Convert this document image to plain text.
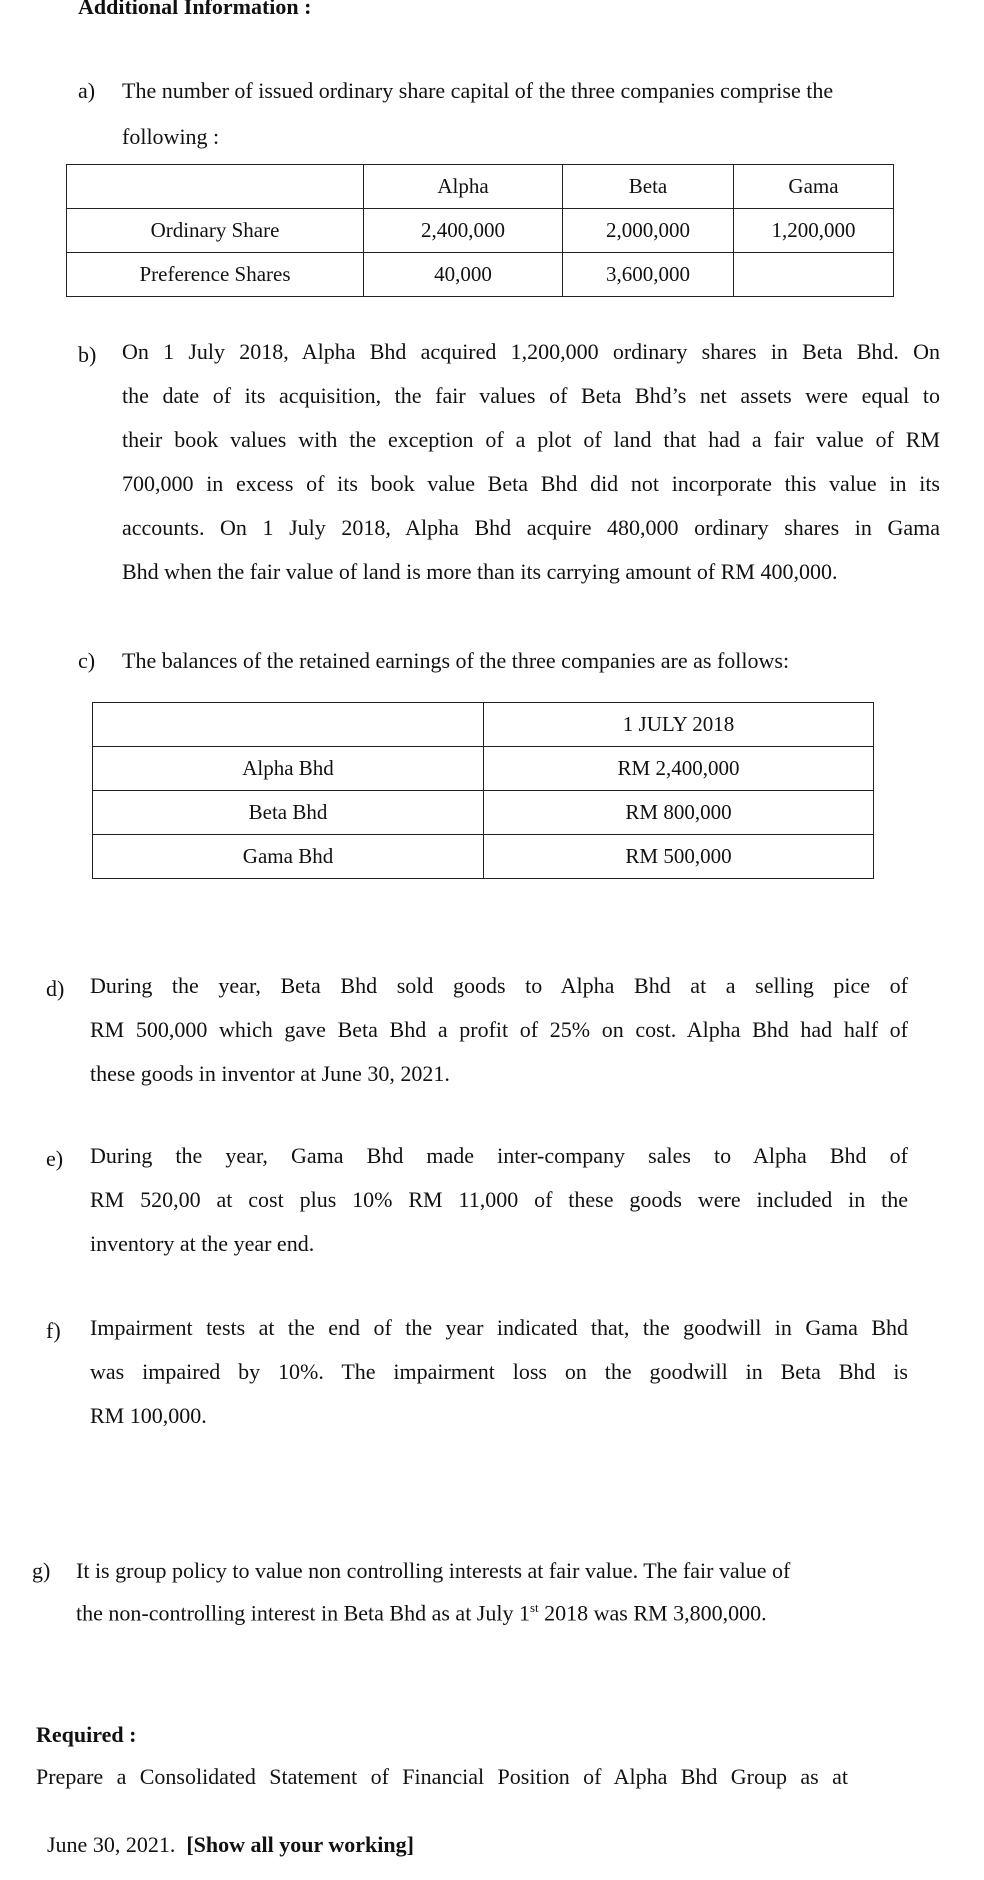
Additional Information :
a) The number of issued ordinary share capital of the three companies comprise the
following :
	Alpha	Beta	Gama
Ordinary Share	2,400,000	2,000,000	1,200,000
Preference Shares	40,000	3,600,000	
b) On 1 July 2018, Alpha Bhd acquired 1,200,000 ordinary shares in Beta Bhd. On
the date of its acquisition, the fair values of Beta Bhd’s net assets were equal to
their book values with the exception of a plot of land that had a fair value of RM
700,000 in excess of its book value Beta Bhd did not incorporate this value in its
accounts. On 1 July 2018, Alpha Bhd acquire 480,000 ordinary shares in Gama
Bhd when the fair value of land is more than its carrying amount of RM 400,000.
c) The balances of the retained earnings of the three companies are as follows:
	1 JULY 2018
Alpha Bhd	RM 2,400,000
Beta Bhd	RM 800,000
Gama Bhd	RM 500,000
d) During the year, Beta Bhd sold goods to Alpha Bhd at a selling pice of
RM 500,000 which gave Beta Bhd a profit of 25% on cost. Alpha Bhd had half of
these goods in inventor at June 30, 2021.
e) During the year, Gama Bhd made inter-company sales to Alpha Bhd of
RM 520,00 at cost plus 10% RM 11,000 of these goods were included in the
inventory at the year end.
f) Impairment tests at the end of the year indicated that, the goodwill in Gama Bhd
was impaired by 10%. The impairment loss on the goodwill in Beta Bhd is
RM 100,000.
g) It is group policy to value non controlling interests at fair value. The fair value of
the non-controlling interest in Beta Bhd as at July 1st 2018 was RM 3,800,000.
Required :
Prepare a Consolidated Statement of Financial Position of Alpha Bhd Group as at

June 30, 2021.  [Show all your working]
